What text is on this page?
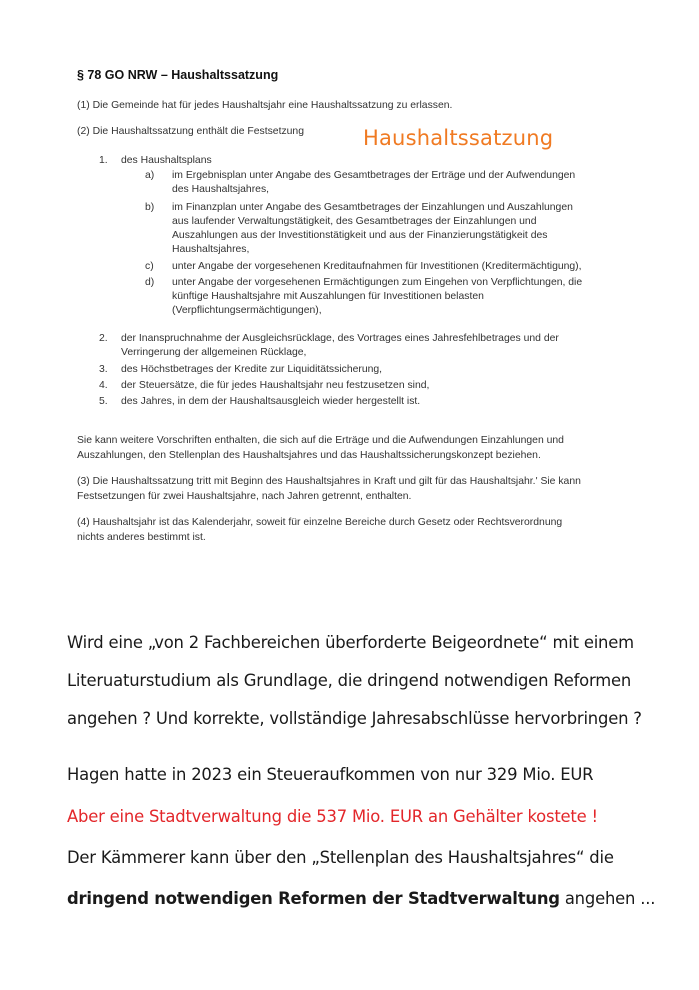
§ 78 GO NRW – Haushaltssatzung
(1) Die Gemeinde hat für jedes Haushaltsjahr eine Haushaltssatzung zu erlassen.
(2) Die Haushaltssatzung enthält die Festsetzung
1.	des Haushaltsplans
a) im Ergebnisplan unter Angabe des Gesamtbetrages der Erträge und der Aufwendungen
des Haushaltsjahres,
b) im Finanzplan unter Angabe des Gesamtbetrages der Einzahlungen und Auszahlungen
aus laufender Verwaltungstätigkeit, des Gesamtbetrages der Einzahlungen und
Auszahlungen aus der Investitionstätigkeit und aus der Finanzierungstätigkeit des
Haushaltsjahres,
c) unter Angabe der vorgesehenen Kreditaufnahmen für Investitionen (Kreditermächtigung),
d) unter Angabe der vorgesehenen Ermächtigungen zum Eingehen von Verpflichtungen, die
künftige Haushaltsjahre mit Auszahlungen für Investitionen belasten
(Verpflichtungsermächtigungen),
2.	der Inanspruchnahme der Ausgleichsrücklage, des Vortrages eines Jahresfehlbetrages und der
Verringerung der allgemeinen Rücklage,
3.	des Höchstbetrages der Kredite zur Liquiditätssicherung,
4.	der Steuersätze, die für jedes Haushaltsjahr neu festzusetzen sind,
5.	des Jahres, in dem der Haushaltsausgleich wieder hergestellt ist.
Sie kann weitere Vorschriften enthalten, die sich auf die Erträge und die Aufwendungen Einzahlungen und
Auszahlungen, den Stellenplan des Haushaltsjahres und das Haushaltssicherungskonzept beziehen.
(3) Die Haushaltssatzung tritt mit Beginn des Haushaltsjahres in Kraft und gilt für das Haushaltsjahr.' Sie kann
Festsetzungen für zwei Haushaltsjahre, nach Jahren getrennt, enthalten.
(4) Haushaltsjahr ist das Kalenderjahr, soweit für einzelne Bereiche durch Gesetz oder Rechtsverordnung
nichts anderes bestimmt ist.
Haushaltssatzung
Wird eine „von 2 Fachbereichen überforderte Beigeordnete“ mit einem
Literuaturstudium als Grundlage, die dringend notwendigen Reformen
angehen ? Und korrekte, vollständige Jahresabschlüsse hervorbringen ?
Hagen hatte in 2023 ein Steueraufkommen von nur 329 Mio. EUR
Aber eine Stadtverwaltung die 537 Mio. EUR an Gehälter kostete !
Der Kämmerer kann über den „Stellenplan des Haushaltsjahres“ die
dringend notwendigen Reformen der Stadtverwaltung angehen ...
